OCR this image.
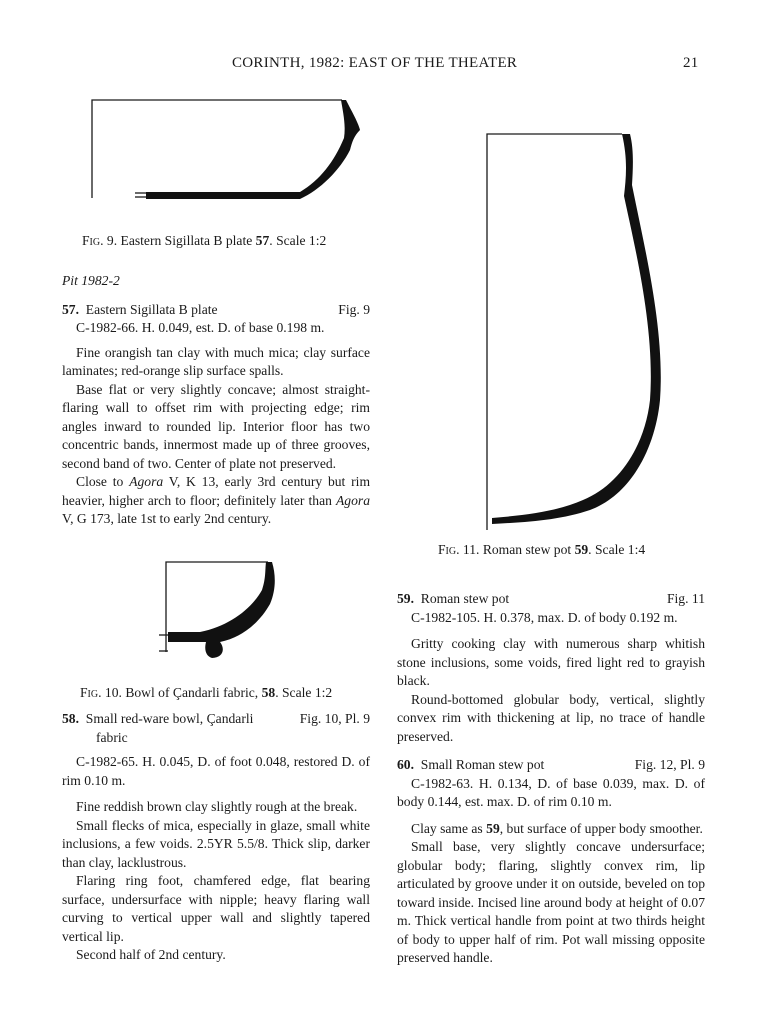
CORINTH, 1982: EAST OF THE THEATER	21
Fig. 9. Eastern Sigillata B plate 57. Scale 1:2

Pit 1982-2

57. Eastern Sigillata B plate	Fig. 9

C-1982-66. H. 0.049, est. D. of base 0.198 m.

Fine orangish tan clay with much mica; clay surface laminates; red-orange slip surface spalls.

Base flat or very slightly concave; almost straight-flaring wall to offset rim with projecting edge; rim angles inward to rounded lip. Interior floor has two concentric bands, innermost made up of three grooves, second band of two. Center of plate not preserved.

Close to Agora V, K 13, early 3rd century but rim heavier, higher arch to floor; definitely later than Agora V, G 173, late 1st to early 2nd century.

Fig. 10. Bowl of Çandarli fabric, 58. Scale 1:2
58. Small red-ware bowl, Çandarli	Fig. 10, Pl. 9

fabric

C-1982-65. H. 0.045, D. of foot 0.048, restored D. of rim 0.10 m.

Fine reddish brown clay slightly rough at the break.

Small flecks of mica, especially in glaze, small white inclusions, a few voids. 2.5YR 5.5/8. Thick slip, darker than clay, lacklustrous.

Flaring ring foot, chamfered edge, flat bearing surface, undersurface with nipple; heavy flaring wall curving to vertical upper wall and slightly tapered vertical lip.

Second half of 2nd century.

Fig. 11. Roman stew pot 59. Scale 1:4
59. Roman stew pot	Fig. 11

C-1982-105. H. 0.378, max. D. of body 0.192 m.

Gritty cooking clay with numerous sharp whitish stone inclusions, some voids, fired light red to grayish black.

Round-bottomed globular body, vertical, slightly convex rim with thickening at lip, no trace of handle preserved.

60. Small Roman stew pot	Fig. 12, Pl. 9

C-1982-63. H. 0.134, D. of base 0.039, max. D. of body 0.144, est. max. D. of rim 0.10 m.

Clay same as 59, but surface of upper body smoother.

Small base, very slightly concave undersurface; globular body; flaring, slightly convex rim, lip articulated by groove under it on outside, beveled on top toward inside. Incised line around body at height of 0.07 m. Thick vertical handle from point at two thirds height of body to upper half of rim. Pot wall missing opposite preserved handle.
